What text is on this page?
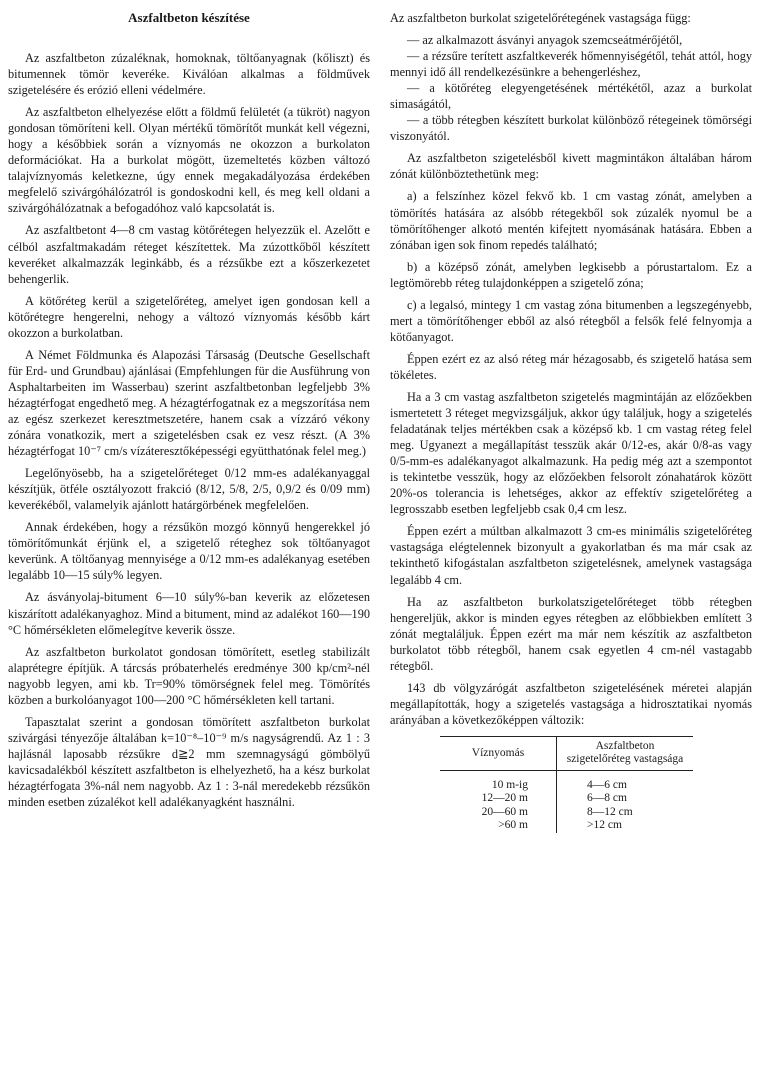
Aszfaltbeton készítése

Az aszfaltbeton zúzaléknak, homoknak, töltőanyagnak (kőliszt) és bitumennek tömör keveréke. Kiválóan alkalmas a földművek szigetelésére és erózió elleni védelmére.

Az aszfaltbeton elhelyezése előtt a földmű felületét (a tükröt) nagyon gondosan tömöríteni kell. Olyan mértékű tömörítőt munkát kell végezni, hogy a későbbiek során a víznyomás ne okozzon a burkolaton deformációkat. Ha a burkolat mögött, üzemeltetés közben változó talajvíznyomás keletkezne, úgy ennek megakadályozása érdekében megfelelő szivárgóhálózatról is gondoskodni kell, és meg kell oldani a szivárgóhálózatnak a befogadóhoz való kapcsolatát is.

Az aszfaltbetont 4—8 cm vastag kötőrétegen helyezzük el. Azelőtt e célból aszfaltmakadám réteget készítettek. Ma zúzottkőből készített keveréket alkalmazzák leginkább, és a rézsűkbe ezt a kőszerkezetet behengerlik.

A kötőréteg kerül a szigetelőréteg, amelyet igen gondosan kell a kötőrétegre hengerelni, nehogy a változó víznyomás később kárt okozzon a burkolatban.

A Német Földmunka és Alapozási Társaság (Deutsche Gesellschaft für Erd- und Grundbau) ajánlásai (Empfehlungen für die Ausführung von Asphaltarbeiten im Wasserbau) szerint aszfaltbetonban legfeljebb 3% hézagtérfogat engedhető meg. A hézagtérfogatnak ez a megszorítása nem az egész szerkezet keresztmetszetére, hanem csak a vízzáró vékony zónára vonatkozik, mert a szigetelésben csak ez vesz részt. (A 3% hézagtérfogat 10⁻⁷ cm/s vízáteresztőképességi együtthatónak felel meg.)

Legelőnyösebb, ha a szigetelőréteget 0/12 mm-es adalékanyaggal készítjük, ötféle osztályozott frakció (8/12, 5/8, 2/5, 0,9/2 és 0/09 mm) keverékéből, valamelyik ajánlott határgörbének megfelelően.

Annak érdekében, hogy a rézsűkön mozgó könnyű hengerekkel jó tömörítőmunkát érjünk el, a szigetelő réteghez sok töltőanyagot keverünk. A töltőanyag mennyisége a 0/12 mm-es adalékanyag esetében legalább 10—15 súly% legyen.

Az ásványolaj-bitument 6—10 súly%-ban keverik az előzetesen kiszárított adalékanyaghoz. Mind a bitument, mind az adalékot 160—190 °C hőmérsékleten előmelegítve keverik össze.

Az aszfaltbeton burkolatot gondosan tömörített, esetleg stabilizált alaprétegre építjük. A tárcsás próbaterhelés eredménye 300 kp/cm²-nél nagyobb legyen, ami kb. Tr=90% tömörségnek felel meg. Tömörítés közben a burkolóanyagot 100—200 °C hőmérsékleten kell tartani.

Tapasztalat szerint a gondosan tömörített aszfaltbeton burkolat szivárgási tényezője általában k=10⁻⁸–10⁻⁹ m/s nagyságrendű. Az 1 : 3 hajlásnál laposabb rézsűkre d≧2 mm szemnagyságú gömbölyű kavicsadalékból készített aszfaltbeton is elhelyezhető, ha a kész burkolat hézagtérfogata 3%-nál nem nagyobb. Az 1 : 3-nál meredekebb rézsűkön minden esetben zúzalékot kell adalékanyagként használni.

Az aszfaltbeton burkolat szigetelőrétegének vastagsága függ:

— az alkalmazott ásványi anyagok szemcseátmérőjétől,

— a rézsűre terített aszfaltkeverék hőmennyiségétől, tehát attól, hogy mennyi idő áll rendelkezésünkre a behengerléshez,

— a kötőréteg elegyengetésének mértékétől, azaz a burkolat simaságától,

— a több rétegben készített burkolat különböző rétegeinek tömörségi viszonyától.

Az aszfaltbeton szigetelésből kivett magmintákon általában három zónát különböztethetünk meg:

a) a felszínhez közel fekvő kb. 1 cm vastag zónát, amelyben a tömörítés hatására az alsóbb rétegekből sok zúzalék nyomul be a tömörítőhenger alkotó mentén kifejtett nyomásának hatására. Ebben a zónában igen sok finom repedés található;

b) a középső zónát, amelyben legkisebb a pórustartalom. Ez a legtömörebb réteg tulajdonképpen a szigetelő zóna;

c) a legalsó, mintegy 1 cm vastag zóna bitumenben a legszegényebb, mert a tömörítőhenger ebből az alsó rétegből a felsők felé felnyomja a kötőanyagot.

Éppen ezért ez az alsó réteg már hézagosabb, és szigetelő hatása sem tökéletes.

Ha a 3 cm vastag aszfaltbeton szigetelés magmintáján az előzőekben ismertetett 3 réteget megvizsgáljuk, akkor úgy találjuk, hogy a szigetelés feladatának teljes mértékben csak a középső kb. 1 cm vastag réteg felel meg. Ugyanezt a megállapítást tesszük akár 0/12-es, akár 0/8-as vagy 0/5-mm-es adalékanyagot alkalmazunk. Ha pedig még azt a szempontot is tekintetbe vesszük, hogy az előzőekben felsorolt zónahatárok között 20%-os tolerancia is lehetséges, akkor az effektív szigetelőréteg a legrosszabb esetben legfeljebb csak 0,4 cm lesz.

Éppen ezért a múltban alkalmazott 3 cm-es minimális szigetelőréteg vastagsága elégtelennek bizonyult a gyakorlatban és ma már csak az tekinthető kifogástalan aszfaltbeton szigetelésnek, amelynek vastagsága legalább 4 cm.

Ha az aszfaltbeton burkolatszigetelőréteget több rétegben hengereljük, akkor is minden egyes rétegben az előbbiekben említett 3 zónát megtaláljuk. Éppen ezért ma már nem készítik az aszfaltbeton burkolatot több rétegből, hanem csak egyetlen 4 cm-nél vastagabb rétegből.

143 db völgyzárógát aszfaltbeton szigetelésének méretei alapján megállapították, hogy a szigetelés vastagsága a hidrosztatikai nyomás arányában a következőképpen változik:

Víznyomás	Aszfaltbeton szigetelőréteg vastagsága
10 m-ig	4—6 cm
12—20 m	6—8 cm
20—60 m	8—12 cm
>60 m	>12 cm
